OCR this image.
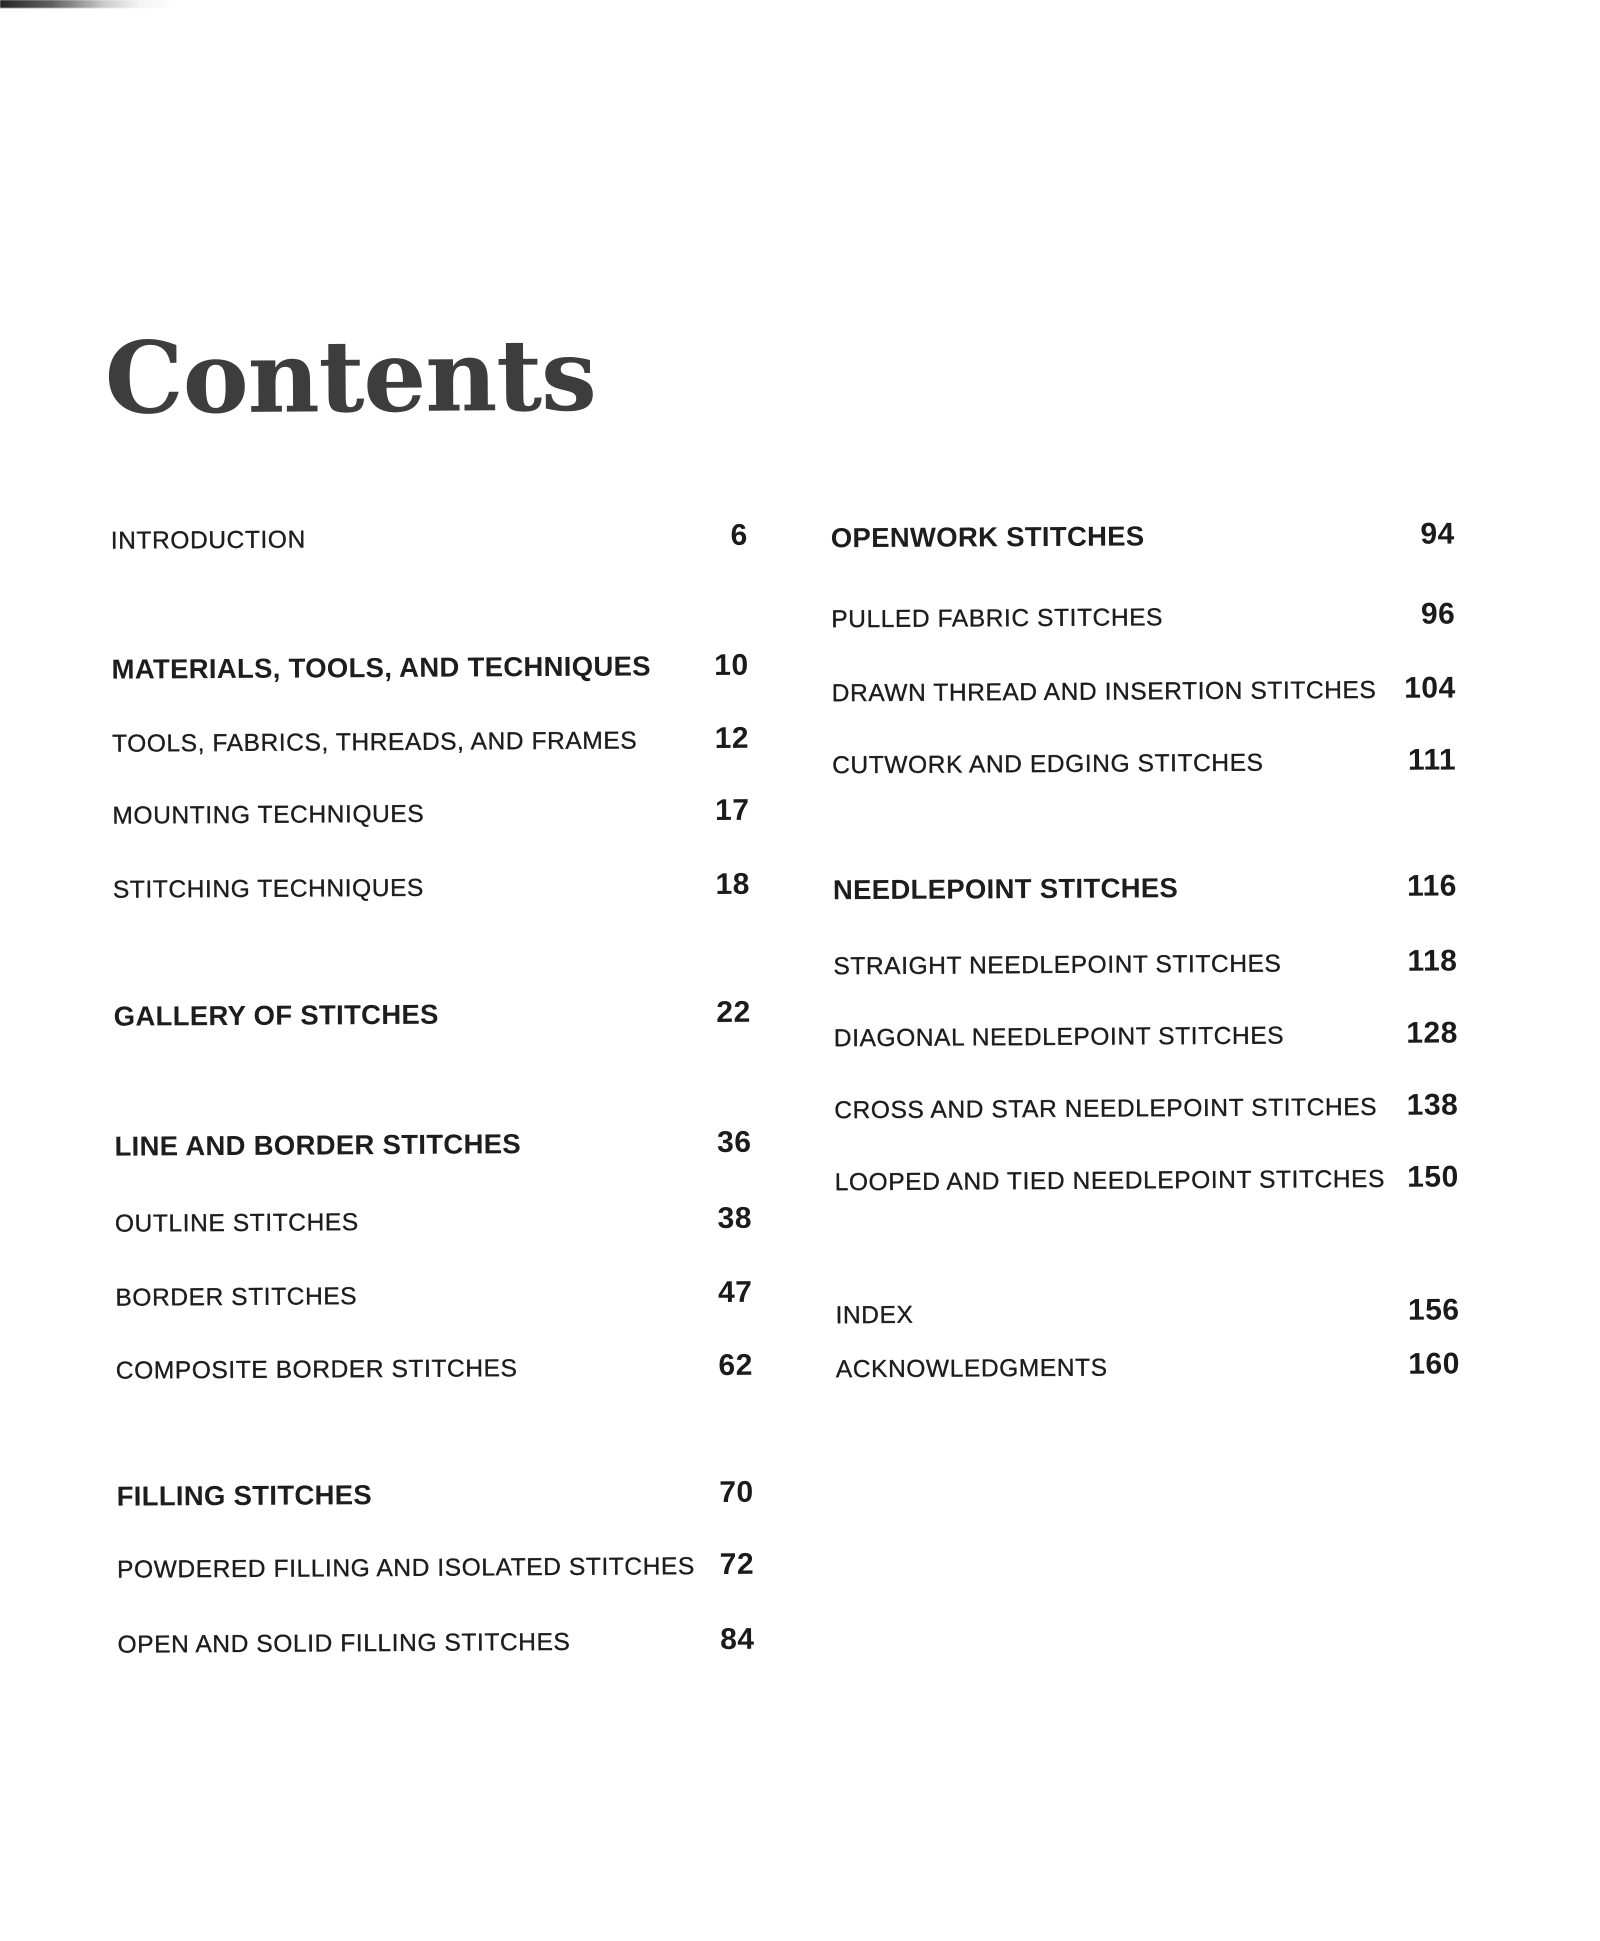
Contents
INTRODUCTION	6
MATERIALS, TOOLS, AND TECHNIQUES 10
TOOLS, FABRICS, THREADS, AND FRAMES	12
MOUNTING TECHNIQUES	17
STITCHING TECHNIQUES	18
GALLERY OF STITCHES	22
LINE AND BORDER STITCHES	36
OUTLINE STITCHES	38
BORDER STITCHES	47
COMPOSITE BORDER STITCHES	62
FILLING STITCHES	70
POWDERED FILLING AND ISOLATED STITCHES 72
OPEN AND SOLID FILLING STITCHES	84
OPENWORK STITCHES	94
PULLED FABRIC STITCHES	96
DRAWN THREAD AND INSERTION STITCHES 104
CUTWORK AND EDGING STITCHES	111
NEEDLEPOINT STITCHES	116
STRAIGHT NEEDLEPOINT STITCHES	118
DIAGONAL NEEDLEPOINT STITCHES	128
CROSS AND STAR NEEDLEPOINT STITCHES 138
LOOPED AND TIED NEEDLEPOINT STITCHES 150
INDEX	156
ACKNOWLEDGMENTS	160
